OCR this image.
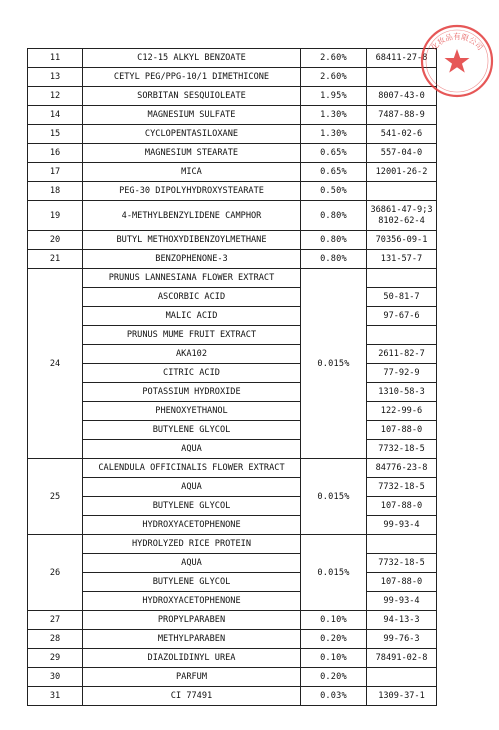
11	C12-15 ALKYL BENZOATE	2.60%	68411-27-8
13	CETYL PEG/PPG-10/1 DIMETHICONE	2.60%	
12	SORBITAN SESQUIOLEATE	1.95%	8007-43-0
14	MAGNESIUM SULFATE	1.30%	7487-88-9
15	CYCLOPENTASILOXANE	1.30%	541-02-6
16	MAGNESIUM STEARATE	0.65%	557-04-0
17	MICA	0.65%	12001-26-2
18	PEG-30 DIPOLYHYDROXYSTEARATE	0.50%	
19	4-METHYLBENZYLIDENE CAMPHOR	0.80%	36861-47-9;38102-62-4
20	BUTYL METHOXYDIBENZOYLMETHANE	0.80%	70356-09-1
21	BENZOPHENONE-3	0.80%	131-57-7
24	PRUNUS LANNESIANA FLOWER EXTRACT	0.015%	
	ASCORBIC ACID		50-81-7
	MALIC ACID		97-67-6
	PRUNUS MUME FRUIT EXTRACT		
	AKA102		2611-82-7
	CITRIC ACID		77-92-9
	POTASSIUM HYDROXIDE		1310-58-3
	PHENOXYETHANOL		122-99-6
	BUTYLENE GLYCOL		107-88-0
	AQUA		7732-18-5
25	CALENDULA OFFICINALIS FLOWER EXTRACT	0.015%	84776-23-8
	AQUA		7732-18-5
	BUTYLENE GLYCOL		107-88-0
	HYDROXYACETOPHENONE		99-93-4
26	HYDROLYZED RICE PROTEIN	0.015%	
	AQUA		7732-18-5
	BUTYLENE GLYCOL		107-88-0
	HYDROXYACETOPHENONE		99-93-4
27	PROPYLPARABEN	0.10%	94-13-3
28	METHYLPARABEN	0.20%	99-76-3
29	DIAZOLIDINYL UREA	0.10%	78491-02-8
30	PARFUM	0.20%	
31	CI 77491	0.03%	1309-37-1
化妆品有限公司
